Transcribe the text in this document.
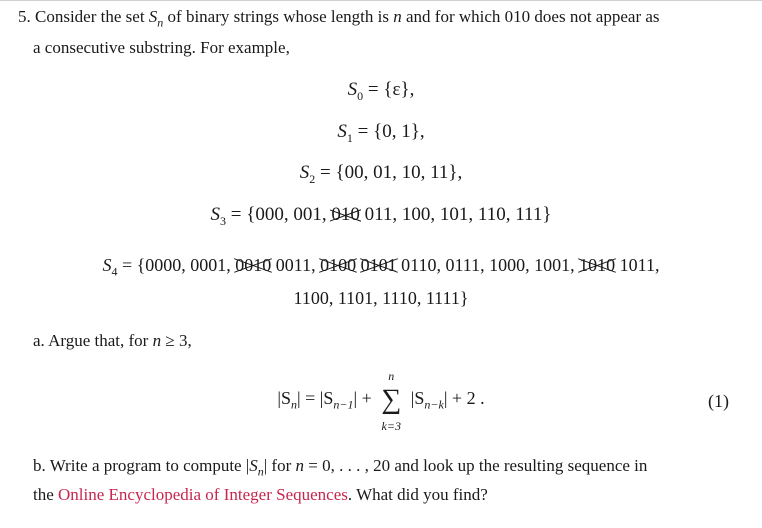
5. Consider the set $S_n$ of binary strings whose length is n and for which 010 does not appear as
a consecutive substring. For example,
$S_0 = \{\varepsilon\}$,
$S_1 = \{0$, 1},
$S_2 = \{00$, 01, 10, 11},
$S_3 = \{000$, 001, 010 011, 100, 101, 110, 111}
$S_4 = \{0000$, 0001, 0010 0011, 0100 0101 0110, 0111, 1000, 1001, 1010 1011,
1100, 1101, 1110, 1111}
a. Argue that, for n ≥ 3,
$|S_n| = |S_{n-1}|$ +
n
∑
k=3
$|S_{n-k}| + 2$ .	(1)
b. Write a program to compute $|S_n|$ for n = 0, . . . , 20 and look up the resulting sequence in
the Online Encyclopedia of Integer Sequences. What did you find?
